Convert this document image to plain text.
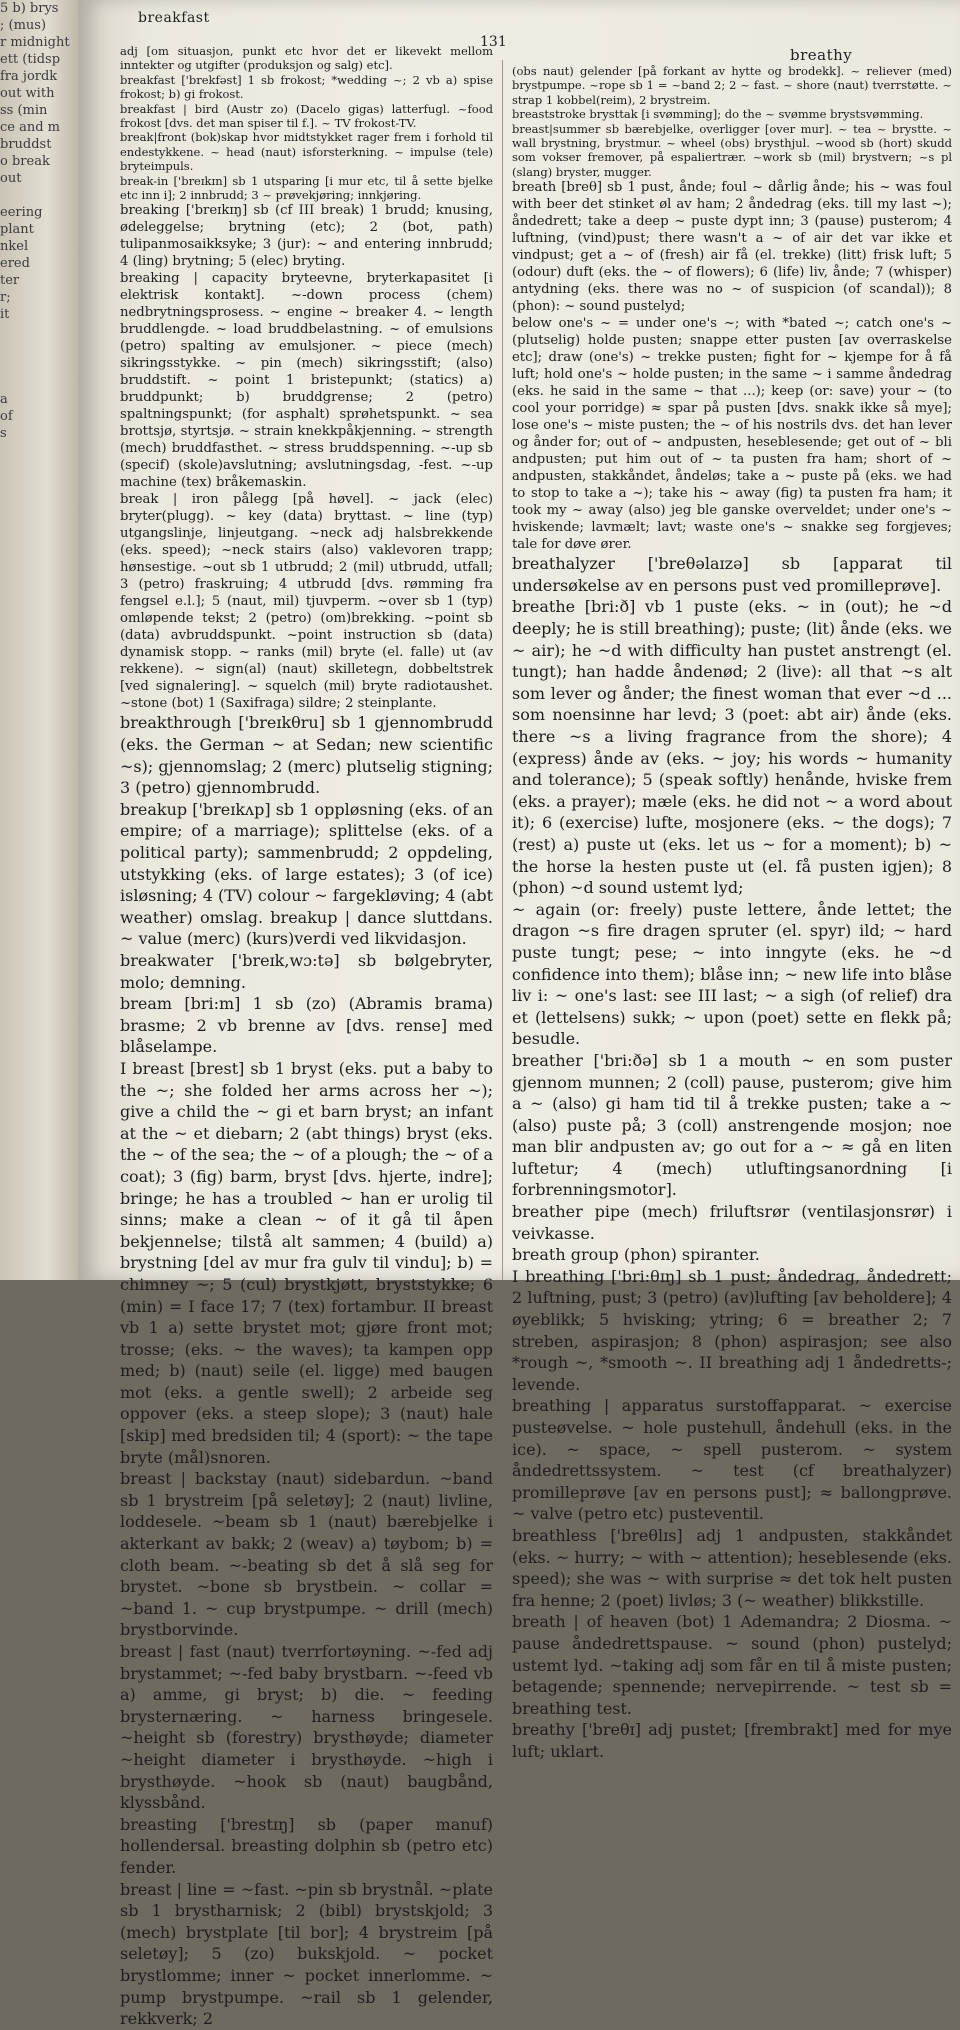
5 b) brys

; (mus)

r midnight

ett (tidsp

fra jordk

out with

ss (min

ce and m

bruddst

o break

out

eering

plant

nkel

ered

ter

r;

it

a

of

s

breakfast
131
breathy

adj [om situasjon, punkt etc hvor det er likevekt mellom inntekter og utgifter (produksjon og salg) etc].

breakfast ['brekfəst] 1 sb frokost; *wedding ~; 2 vb a) spise frokost; b) gi frokost.

breakfast | bird (Austr zo) (Dacelo gigas) latterfugl. ~food frokost [dvs. det man spiser til f.]. ~ TV frokost-TV.

break|front (bok)skap hvor midtstykket rager frem i forhold til endestykkene. ~ head (naut) isforsterkning. ~ impulse (tele) bryteimpuls.

break-in ['breɪkɪn] sb 1 utsparing [i mur etc, til å sette bjelke etc inn i]; 2 innbrudd; 3 ~ prøvekjøring; innkjøring.

breaking ['breɪkɪŋ] sb (cf III break) 1 brudd; knusing, ødeleggelse; brytning (etc); 2 (bot, path) tulipanmosaikksyke; 3 (jur): ~ and entering innbrudd; 4 (ling) brytning; 5 (elec) bryting.

breaking | capacity bryteevne, bryterkapasitet [i elektrisk kontakt]. ~-down process (chem) nedbrytningsprosess. ~ engine ~ breaker 4. ~ length bruddlengde. ~ load bruddbelastning. ~ of emulsions (petro) spalting av emulsjoner. ~ piece (mech) sikringsstykke. ~ pin (mech) sikringsstift; (also) bruddstift. ~ point 1 bristepunkt; (statics) a) bruddpunkt; b) bruddgrense; 2 (petro) spaltningspunkt; (for asphalt) sprøhetspunkt. ~ sea brottsjø, styrtsjø. ~ strain knekkpåkjenning. ~ strength (mech) bruddfasthet. ~ stress bruddspenning. ~-up sb (specif) (skole)avslutning; avslutningsdag, -fest. ~-up machine (tex) bråkemaskin.

break | iron pålegg [på høvel]. ~ jack (elec) bryter(plugg). ~ key (data) bryttast. ~ line (typ) utgangslinje, linjeutgang. ~neck adj halsbrekkende (eks. speed); ~neck stairs (also) vaklevoren trapp; hønsestige. ~out sb 1 utbrudd; 2 (mil) utbrudd, utfall; 3 (petro) fraskruing; 4 utbrudd [dvs. rømming fra fengsel e.l.]; 5 (naut, mil) tjuvperm. ~over sb 1 (typ) omløpende tekst; 2 (petro) (om)brekking. ~point sb (data) avbruddspunkt. ~point instruction sb (data) dynamisk stopp. ~ ranks (mil) bryte (el. falle) ut (av rekkene). ~ sign(al) (naut) skilletegn, dobbeltstrek [ved signalering]. ~ squelch (mil) bryte radiotaushet. ~stone (bot) 1 (Saxifraga) sildre; 2 steinplante.

breakthrough ['breɪkθru] sb 1 gjennombrudd (eks. the German ~ at Sedan; new scientific ~s); gjennomslag; 2 (merc) plutselig stigning; 3 (petro) gjennombrudd.

breakup ['breɪkʌp] sb 1 oppløsning (eks. of an empire; of a marriage); splittelse (eks. of a political party); sammenbrudd; 2 oppdeling, utstykking (eks. of large estates); 3 (of ice) isløsning; 4 (TV) colour ~ fargekløving; 4 (abt weather) omslag. breakup | dance sluttdans. ~ value (merc) (kurs)verdi ved likvidasjon.

breakwater ['breɪk,wɔ:tə] sb bølgebryter, molo; demning.

bream [bri:m] 1 sb (zo) (Abramis brama) brasme; 2 vb brenne av [dvs. rense] med blåselampe.

I breast [brest] sb 1 bryst (eks. put a baby to the ~; she folded her arms across her ~); give a child the ~ gi et barn bryst; an infant at the ~ et diebarn; 2 (abt things) bryst (eks. the ~ of the sea; the ~ of a plough; the ~ of a coat); 3 (fig) barm, bryst [dvs. hjerte, indre]; bringe; he has a troubled ~ han er urolig til sinns; make a clean ~ of it gå til åpen bekjennelse; tilstå alt sammen; 4 (build) a) brystning [del av mur fra gulv til vindu]; b) = chimney ~; 5 (cul) brystkjøtt, bryststykke; 6 (min) = I face 17; 7 (tex) fortambur. II breast vb 1 a) sette brystet mot; gjøre front mot; trosse; (eks. ~ the waves); ta kampen opp med; b) (naut) seile (el. ligge) med baugen mot (eks. a gentle swell); 2 arbeide seg oppover (eks. a steep slope); 3 (naut) hale [skip] med bredsiden til; 4 (sport): ~ the tape bryte (mål)snoren.

breast | backstay (naut) sidebardun. ~band sb 1 brystreim [på seletøy]; 2 (naut) livline, loddesele. ~beam sb 1 (naut) bærebjelke i akterkant av bakk; 2 (weav) a) tøybom; b) = cloth beam. ~-beating sb det å slå seg for brystet. ~bone sb brystbein. ~ collar = ~band 1. ~ cup brystpumpe. ~ drill (mech) brystborvinde.

breast | fast (naut) tverrfortøyning. ~-fed adj brystammet; ~-fed baby brystbarn. ~-feed vb a) amme, gi bryst; b) die. ~ feeding brysternæring. ~ harness bringesele. ~height sb (forestry) brysthøyde; diameter ~height diameter i brysthøyde. ~high i brysthøyde. ~hook sb (naut) baugbånd, klyssbånd.

breasting ['brestɪŋ] sb (paper manuf) hollendersal. breasting dolphin sb (petro etc) fender.

breast | line = ~fast. ~pin sb brystnål. ~plate sb 1 brystharnisk; 2 (bibl) brystskjold; 3 (mech) brystplate [til bor]; 4 brystreim [på seletøy]; 5 (zo) bukskjold. ~ pocket brystlomme; inner ~ pocket innerlomme. ~ pump brystpumpe. ~rail sb 1 gelender, rekkverk; 2

(obs naut) gelender [på forkant av hytte og brodekk]. ~ reliever (med) brystpumpe. ~rope sb 1 = ~band 2; 2 ~ fast. ~ shore (naut) tverrstøtte. ~ strap 1 kobbel(reim), 2 brystreim.

breaststroke brysttak [i svømming]; do the ~ svømme brystsvømming.

breast|summer sb bærebjelke, overligger [over mur]. ~ tea ~ brystte. ~ wall brystning, brystmur. ~ wheel (obs) brysthjul. ~wood sb (hort) skudd som vokser fremover, på espaliertrær. ~work sb (mil) brystvern; ~s pl (slang) bryster, mugger.

breath [breθ] sb 1 pust, ånde; foul ~ dårlig ånde; his ~ was foul with beer det stinket øl av ham; 2 åndedrag (eks. till my last ~); åndedrett; take a deep ~ puste dypt inn; 3 (pause) pusterom; 4 luftning, (vind)pust; there wasn't a ~ of air det var ikke et vindpust; get a ~ of (fresh) air få (el. trekke) (litt) frisk luft; 5 (odour) duft (eks. the ~ of flowers); 6 (life) liv, ånde; 7 (whisper) antydning (eks. there was no ~ of suspicion (of scandal)); 8 (phon): ~ sound pustelyd;

below one's ~ = under one's ~; with *bated ~; catch one's ~ (plutselig) holde pusten; snappe etter pusten [av overraskelse etc]; draw (one's) ~ trekke pusten; fight for ~ kjempe for å få luft; hold one's ~ holde pusten; in the same ~ i samme åndedrag (eks. he said in the same ~ that ...); keep (or: save) your ~ (to cool your porridge) ≈ spar på pusten [dvs. snakk ikke så mye]; lose one's ~ miste pusten; the ~ of his nostrils dvs. det han lever og ånder for; out of ~ andpusten, heseblesende; get out of ~ bli andpusten; put him out of ~ ta pusten fra ham; short of ~ andpusten, stakkåndet, åndeløs; take a ~ puste på (eks. we had to stop to take a ~); take his ~ away (fig) ta pusten fra ham; it took my ~ away (also) jeg ble ganske overveldet; under one's ~ hviskende; lavmælt; lavt; waste one's ~ snakke seg forgjeves; tale for døve ører.

breathalyzer ['breθəlaɪzə] sb [apparat til undersøkelse av en persons pust ved promilleprøve].

breathe [bri:ð] vb 1 puste (eks. ~ in (out); he ~d deeply; he is still breathing); puste; (lit) ånde (eks. we ~ air); he ~d with difficulty han pustet anstrengt (el. tungt); han hadde åndenød; 2 (live): all that ~s alt som lever og ånder; the finest woman that ever ~d ... som noensinne har levd; 3 (poet: abt air) ånde (eks. there ~s a living fragrance from the shore); 4 (express) ånde av (eks. ~ joy; his words ~ humanity and tolerance); 5 (speak softly) henånde, hviske frem (eks. a prayer); mæle (eks. he did not ~ a word about it); 6 (exercise) lufte, mosjonere (eks. ~ the dogs); 7 (rest) a) puste ut (eks. let us ~ for a moment); b) ~ the horse la hesten puste ut (el. få pusten igjen); 8 (phon) ~d sound ustemt lyd;

~ again (or: freely) puste lettere, ånde lettet; the dragon ~s fire dragen spruter (el. spyr) ild; ~ hard puste tungt; pese; ~ into inngyte (eks. he ~d confidence into them); blåse inn; ~ new life into blåse liv i: ~ one's last: see III last; ~ a sigh (of relief) dra et (lettelsens) sukk; ~ upon (poet) sette en flekk på; besudle.

breather ['bri:ðə] sb 1 a mouth ~ en som puster gjennom munnen; 2 (coll) pause, pusterom; give him a ~ (also) gi ham tid til å trekke pusten; take a ~ (also) puste på; 3 (coll) anstrengende mosjon; noe man blir andpusten av; go out for a ~ ≈ gå en liten luftetur; 4 (mech) utluftingsanordning [i forbrenningsmotor].

breather pipe (mech) friluftsrør (ventilasjonsrør) i veivkasse.

breath group (phon) spiranter.

I breathing ['bri:θɪŋ] sb 1 pust; åndedrag, åndedrett; 2 luftning, pust; 3 (petro) (av)lufting [av beholdere]; 4 øyeblikk; 5 hvisking; ytring; 6 = breather 2; 7 streben, aspirasjon; 8 (phon) aspirasjon; see also *rough ~, *smooth ~. II breathing adj 1 åndedretts-; levende.

breathing | apparatus surstoffapparat. ~ exercise pusteøvelse. ~ hole pustehull, åndehull (eks. in the ice). ~ space, ~ spell pusterom. ~ system åndedrettssystem. ~ test (cf breathalyzer) promilleprøve [av en persons pust]; ≈ ballongprøve. ~ valve (petro etc) pusteventil.

breathless ['breθlɪs] adj 1 andpusten, stakkåndet (eks. ~ hurry; ~ with ~ attention); heseblesende (eks. speed); she was ~ with surprise ≈ det tok helt pusten fra henne; 2 (poet) livløs; 3 (~ weather) blikkstille.

breath | of heaven (bot) 1 Ademandra; 2 Diosma. ~ pause åndedrettspause. ~ sound (phon) pustelyd; ustemt lyd. ~taking adj som får en til å miste pusten; betagende; spennende; nervepirrende. ~ test sb = breathing test.

breathy ['breθɪ] adj pustet; [frembrakt] med for mye luft; uklart.
